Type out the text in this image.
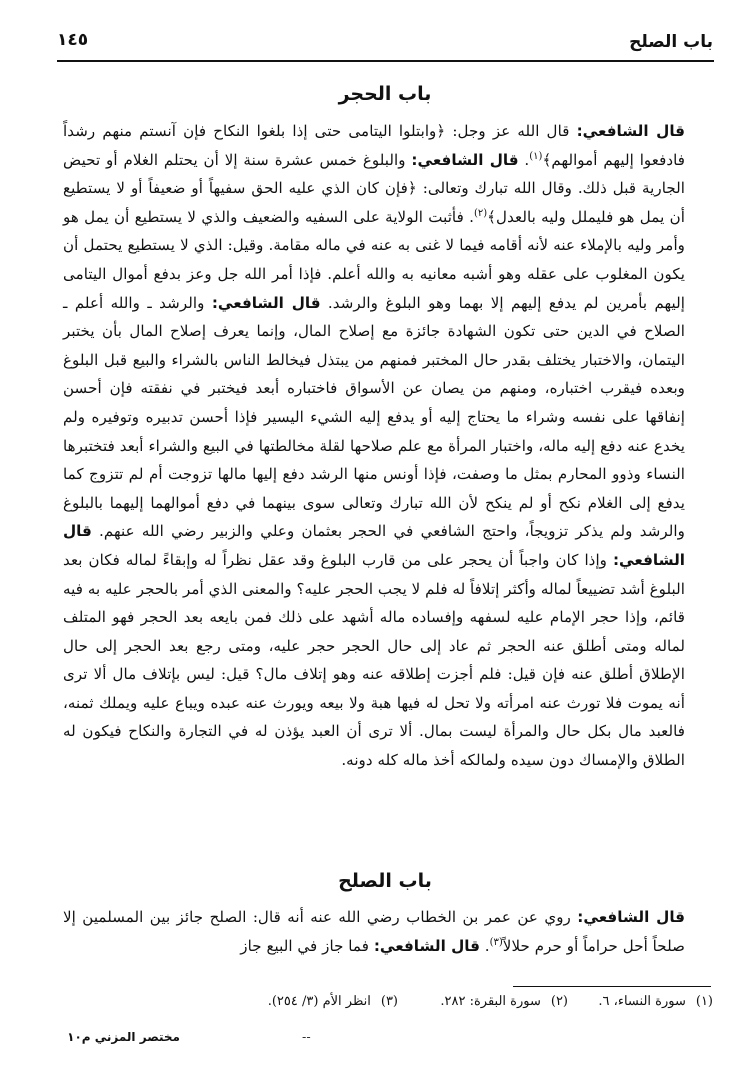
باب الصلح
١٤٥
باب الحجر

قال الشافعي: قال الله عز وجل: ﴿وابتلوا اليتامى حتى إذا بلغوا النكاح فإن آنستم منهم رشداً فادفعوا إليهم أموالهم﴾$^{(١)}$. قال الشافعي: والبلوغ خمس عشرة سنة إلا أن يحتلم الغلام أو تحيض الجارية قبل ذلك. وقال الله تبارك وتعالى: ﴿فإن كان الذي عليه الحق سفيهاً أو ضعيفاً أو لا يستطيع أن يمل هو فليملل وليه بالعدل﴾$^{(٢)}$. فأثبت الولاية على السفيه والضعيف والذي لا يستطيع أن يمل هو وأمر وليه بالإملاء عنه لأنه أقامه فيما لا غنى به عنه في ماله مقامة. وقيل: الذي لا يستطيع يحتمل أن يكون المغلوب على عقله وهو أشبه معانيه به والله أعلم. فإذا أمر الله جل وعز بدفع أموال اليتامى إليهم بأمرين لم يدفع إليهم إلا بهما وهو البلوغ والرشد. قال الشافعي: والرشد ـ والله أعلم ـ الصلاح في الدين حتى تكون الشهادة جائزة مع إصلاح المال، وإنما يعرف إصلاح المال بأن يختبر اليتمان، والاختبار يختلف بقدر حال المختبر فمنهم من يبتذل فيخالط الناس بالشراء والبيع قبل البلوغ وبعده فيقرب اختباره، ومنهم من يصان عن الأسواق فاختباره أبعد فيختبر في نفقته فإن أحسن إنفاقها على نفسه وشراء ما يحتاج إليه أو يدفع إليه الشيء اليسير فإذا أحسن تدبيره وتوفيره ولم يخدع عنه دفع إليه ماله، واختبار المرأة مع علم صلاحها لقلة مخالطتها في البيع والشراء أبعد فتختبرها النساء وذوو المحارم بمثل ما وصفت، فإذا أونس منها الرشد دفع إليها مالها تزوجت أم لم تتزوج كما يدفع إلى الغلام نكح أو لم ينكح لأن الله تبارك وتعالى سوى بينهما في دفع أموالهما إليهما بالبلوغ والرشد ولم يذكر تزويجاً، واحتج الشافعي في الحجر بعثمان وعلي والزبير رضي الله عنهم. قال الشافعي: وإذا كان واجباً أن يحجر على من قارب البلوغ وقد عقل نظراً له وإبقاءً لماله فكان بعد البلوغ أشد تضييعاً لماله وأكثر إتلافاً له فلم لا يجب الحجر عليه؟ والمعنى الذي أمر بالحجر عليه به فيه قائم، وإذا حجر الإمام عليه لسفهه وإفساده ماله أشهد على ذلك فمن بايعه بعد الحجر فهو المتلف لماله ومتى أطلق عنه الحجر ثم عاد إلى حال الحجر حجر عليه، ومتى رجع بعد الحجر إلى حال الإطلاق أطلق عنه فإن قيل: فلم أجزت إطلاقه عنه وهو إتلاف مال؟ قيل: ليس بإتلاف مال ألا ترى أنه يموت فلا تورث عنه امرأته ولا تحل له فيها هبة ولا بيعه ويورث عنه عبده ويباع عليه ويملك ثمنه، فالعبد مال بكل حال والمرأة ليست بمال. ألا ترى أن العبد يؤذن له في التجارة والنكاح فيكون له الطلاق والإمساك دون سيده ولمالكه أخذ ماله كله دونه.

باب الصلح

قال الشافعي: روي عن عمر بن الخطاب رضي الله عنه أنه قال: الصلح جائز بين المسلمين إلا صلحاً أحل حراماً أو حرم حلالاً$^{(٣)}$. قال الشافعي: فما جاز في البيع جاز

(١)سورة النساء، ٦.
(٢)سورة البقرة: ٢٨٢.
(٣)انظر الأم (٣/ ٢٥٤).
--
مختصر المزني م١٠
